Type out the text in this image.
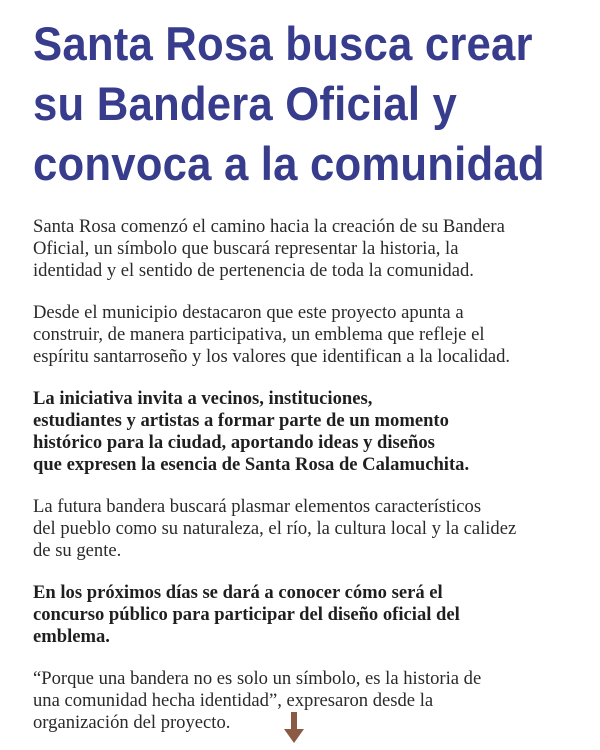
Santa Rosa busca crear
su Bandera Oficial y
convoca a la comunidad

Santa Rosa comenzó el camino hacia la creación de su Bandera
Oficial, un símbolo que buscará representar la historia, la
identidad y el sentido de pertenencia de toda la comunidad.

Desde el municipio destacaron que este proyecto apunta a
construir, de manera participativa, un emblema que refleje el
espíritu santarroseño y los valores que identifican a la localidad.

La iniciativa invita a vecinos, instituciones,
estudiantes y artistas a formar parte de un momento
histórico para la ciudad, aportando ideas y diseños
que expresen la esencia de Santa Rosa de Calamuchita.

La futura bandera buscará plasmar elementos característicos
del pueblo como su naturaleza, el río, la cultura local y la calidez
de su gente.

En los próximos días se dará a conocer cómo será el
concurso público para participar del diseño oficial del
emblema.

“Porque una bandera no es solo un símbolo, es la historia de
una comunidad hecha identidad”, expresaron desde la
organización del proyecto.
